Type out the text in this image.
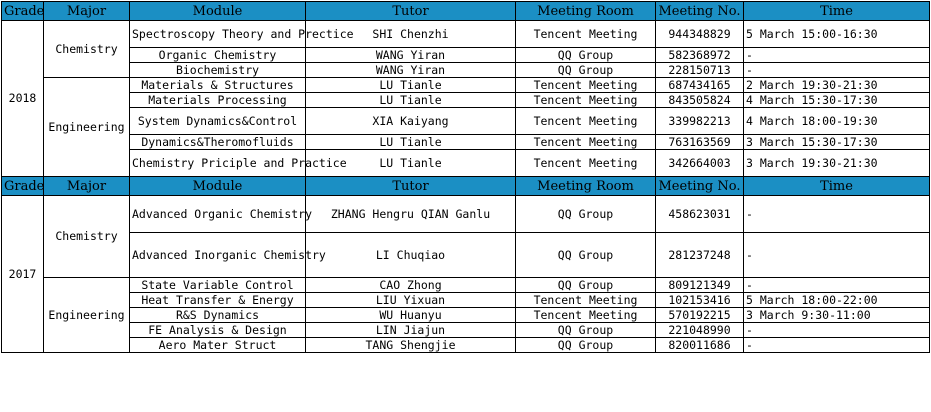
Grade	Major	Module	Tutor	Meeting Room	Meeting No.	Time
2018	Chemistry	Spectroscopy Theory and Prectice	SHI Chenzhi	Tencent Meeting	944348829	5 March 15:00-16:30
		Organic Chemistry	WANG Yiran	QQ Group	582368972	-
		Biochemistry	WANG Yiran	QQ Group	228150713	-
	Engineering	Materials & Structures	LU Tianle	Tencent Meeting	687434165	2 March 19:30-21:30
		Materials Processing	LU Tianle	Tencent Meeting	843505824	4 March 15:30-17:30
		System Dynamics&Control	XIA Kaiyang	Tencent Meeting	339982213	4 March 18:00-19:30
		Dynamics&Theromofluids	LU Tianle	Tencent Meeting	763163569	3 March 15:30-17:30
		Chemistry Priciple and Practice	LU Tianle	Tencent Meeting	342664003	3 March 19:30-21:30
Grade	Major	Module	Tutor	Meeting Room	Meeting No.	Time
2017	Chemistry	Advanced Organic Chemistry	ZHANG Hengru QIAN Ganlu	QQ Group	458623031	-
		Advanced Inorganic Chemistry	LI Chuqiao	QQ Group	281237248	-
	Engineering	State Variable Control	CAO Zhong	QQ Group	809121349	-
		Heat Transfer & Energy	LIU Yixuan	Tencent Meeting	102153416	5 March 18:00-22:00
		R&S Dynamics	WU Huanyu	Tencent Meeting	570192215	3 March 9:30-11:00
		FE Analysis & Design	LIN Jiajun	QQ Group	221048990	-
		Aero Mater Struct	TANG Shengjie	QQ Group	820011686	-
